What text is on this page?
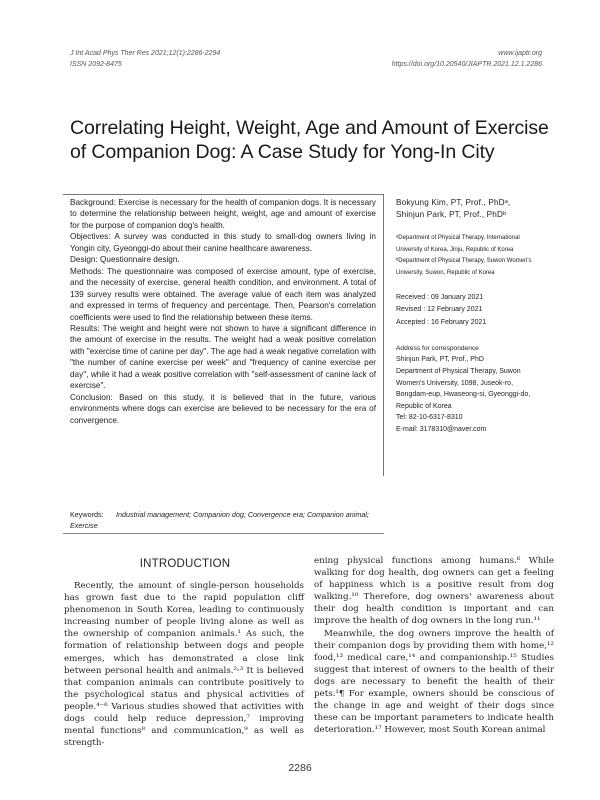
J Int Acad Phys Ther Res 2021;12(1):2286-2294
ISSN 2092-8475
www.ijaptr.org
https://doi.org/10.20540/JIAPTR.2021.12.1.2286
Correlating Height, Weight, Age and Amount of Exercise of Companion Dog: A Case Study for Yong-In City

Background: Exercise is necessary for the health of companion dogs. It is necessary to determine the relationship between height, weight, age and amount of exercise for the purpose of companion dog's health.

Objectives: A survey was conducted in this study to small-dog owners living in Yongin city, Gyeonggi-do about their canine healthcare awareness.

Design: Questionnaire design.

Methods: The questionnaire was composed of exercise amount, type of exercise, and the necessity of exercise, general health condition, and environment. A total of 139 survey results were obtained. The average value of each item was analyzed and expressed in terms of frequency and percentage. Then, Pearson's correlation coefficients were used to find the relationship between these items.

Results: The weight and height were not shown to have a significant difference in the amount of exercise in the results. The weight had a weak positive correlation with "exercise time of canine per day". The age had a weak negative correlation with "the number of canine exercise per week" and "frequency of canine exercise per day", while it had a weak positive correlation with "self-assessment of canine lack of exercise".

Conclusion: Based on this study, it is believed that in the future, various environments where dogs can exercise are believed to be necessary for the era of convergence.

Keywords: Industrial management; Companion dog; Convergence era; Companion animal; Exercise
Bokyung Kim, PT, Prof., PhDᵃ,
Shinjun Park, PT, Prof., PhDᵇ
ᵃDepartment of Physical Therapy, International University of Korea, Jinju, Republic of Korea
ᵇDepartment of Physical Therapy, Suwon Women's University, Suwon, Republic of Korea
Received : 09 January 2021
Revised : 12 February 2021
Accepted : 16 February 2021
Address for correspondence
Shinjun Park, PT, Prof., PhD
Department of Physical Therapy, Suwon Women's University, 1098, Juseok-ro, Bongdam-eup, Hwaseong-si, Gyeonggi-do, Republic of Korea
Tel: 82-10-6317-8310
E-mail: 3178310@naver.com
INTRODUCTION

Recently, the amount of single-person households has grown fast due to the rapid population cliff phenomenon in South Korea, leading to continuously increasing number of people living alone as well as the ownership of companion animals.¹ As such, the formation of relationship between dogs and people emerges, which has demonstrated a close link between personal health and animals.²˒³ It is believed that companion animals can contribute positively to the psychological status and physical activities of people.⁴⁻⁶ Various studies showed that activities with dogs could help reduce depression,⁷ improving mental functions⁸ and communication,⁹ as well as strength-

ening physical functions among humans.⁶ While walking for dog health, dog owners can get a feeling of happiness which is a positive result from dog walking.¹⁰ Therefore, dog owners' awareness about their dog health condition is important and can improve the health of dog owners in the long run.¹¹

Meanwhile, the dog owners improve the health of their companion dogs by providing them with home,¹² food,¹³ medical care,¹⁴ and companionship.¹⁵ Studies suggest that interest of owners to the health of their dogs are necessary to benefit the health of their pets.¹¶ For example, owners should be conscious of the change in age and weight of their dogs since these can be important parameters to indicate health deterioration.¹⁷ However, most South Korean animal

2286
